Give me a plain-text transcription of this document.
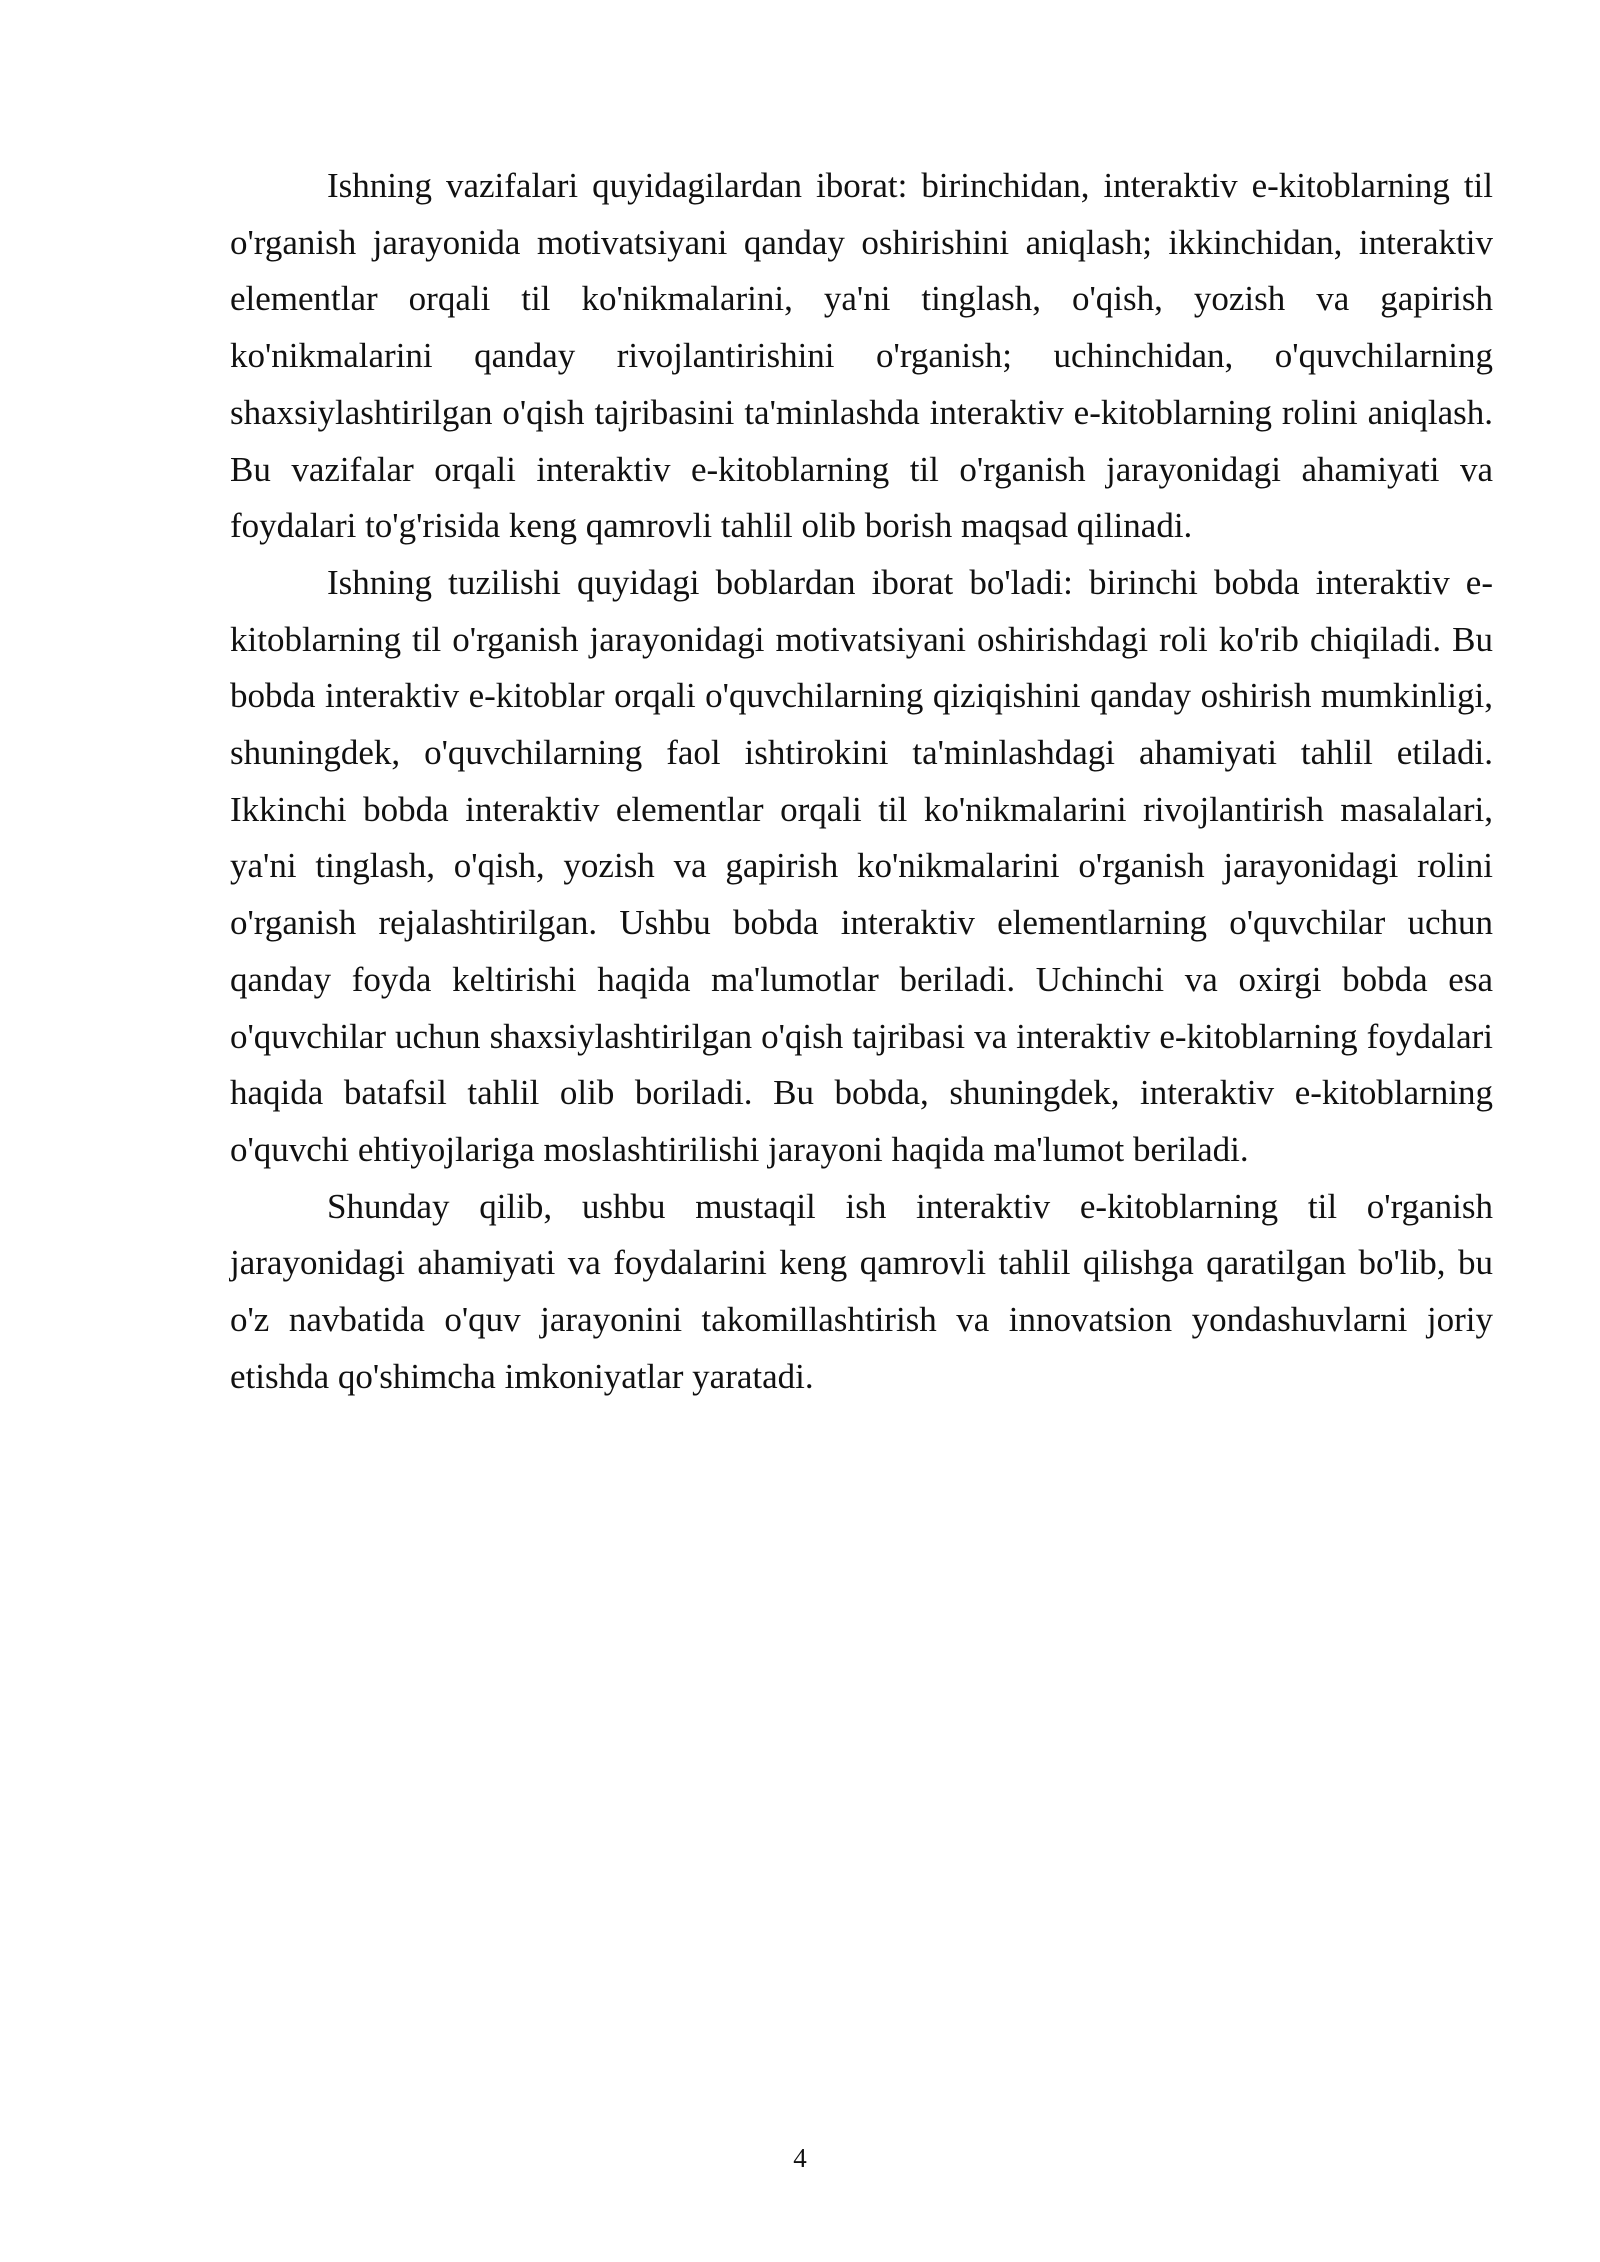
Ishning vazifalari quyidagilardan iborat: birinchidan, interaktiv e-kitoblarning til o'rganish jarayonida motivatsiyani qanday oshirishini aniqlash; ikkinchidan, interaktiv elementlar orqali til ko'nikmalarini, ya'ni tinglash, o'qish, yozish va gapirish ko'nikmalarini qanday rivojlantirishini o'rganish; uchinchidan, o'quvchilarning shaxsiylashtirilgan o'qish tajribasini ta'minlashda interaktiv e-kitoblarning rolini aniqlash. Bu vazifalar orqali interaktiv e-kitoblarning til o'rganish jarayonidagi ahamiyati va foydalari to'g'risida keng qamrovli tahlil olib borish maqsad qilinadi.

Ishning tuzilishi quyidagi boblardan iborat bo'ladi: birinchi bobda interaktiv e-kitoblarning til o'rganish jarayonidagi motivatsiyani oshirishdagi roli ko'rib chiqiladi. Bu bobda interaktiv e-kitoblar orqali o'quvchilarning qiziqishini qanday oshirish mumkinligi, shuningdek, o'quvchilarning faol ishtirokini ta'minlashdagi ahamiyati tahlil etiladi. Ikkinchi bobda interaktiv elementlar orqali til ko'nikmalarini rivojlantirish masalalari, ya'ni tinglash, o'qish, yozish va gapirish ko'nikmalarini o'rganish jarayonidagi rolini o'rganish rejalashtirilgan. Ushbu bobda interaktiv elementlarning o'quvchilar uchun qanday foyda keltirishi haqida ma'lumotlar beriladi. Uchinchi va oxirgi bobda esa o'quvchilar uchun shaxsiylashtirilgan o'qish tajribasi va interaktiv e-kitoblarning foydalari haqida batafsil tahlil olib boriladi. Bu bobda, shuningdek, interaktiv e-kitoblarning o'quvchi ehtiyojlariga moslashtirilishi jarayoni haqida ma'lumot beriladi.

Shunday qilib, ushbu mustaqil ish interaktiv e-kitoblarning til o'rganish jarayonidagi ahamiyati va foydalarini keng qamrovli tahlil qilishga qaratilgan bo'lib, bu o'z navbatida o'quv jarayonini takomillashtirish va innovatsion yondashuvlarni joriy etishda qo'shimcha imkoniyatlar yaratadi.

4
